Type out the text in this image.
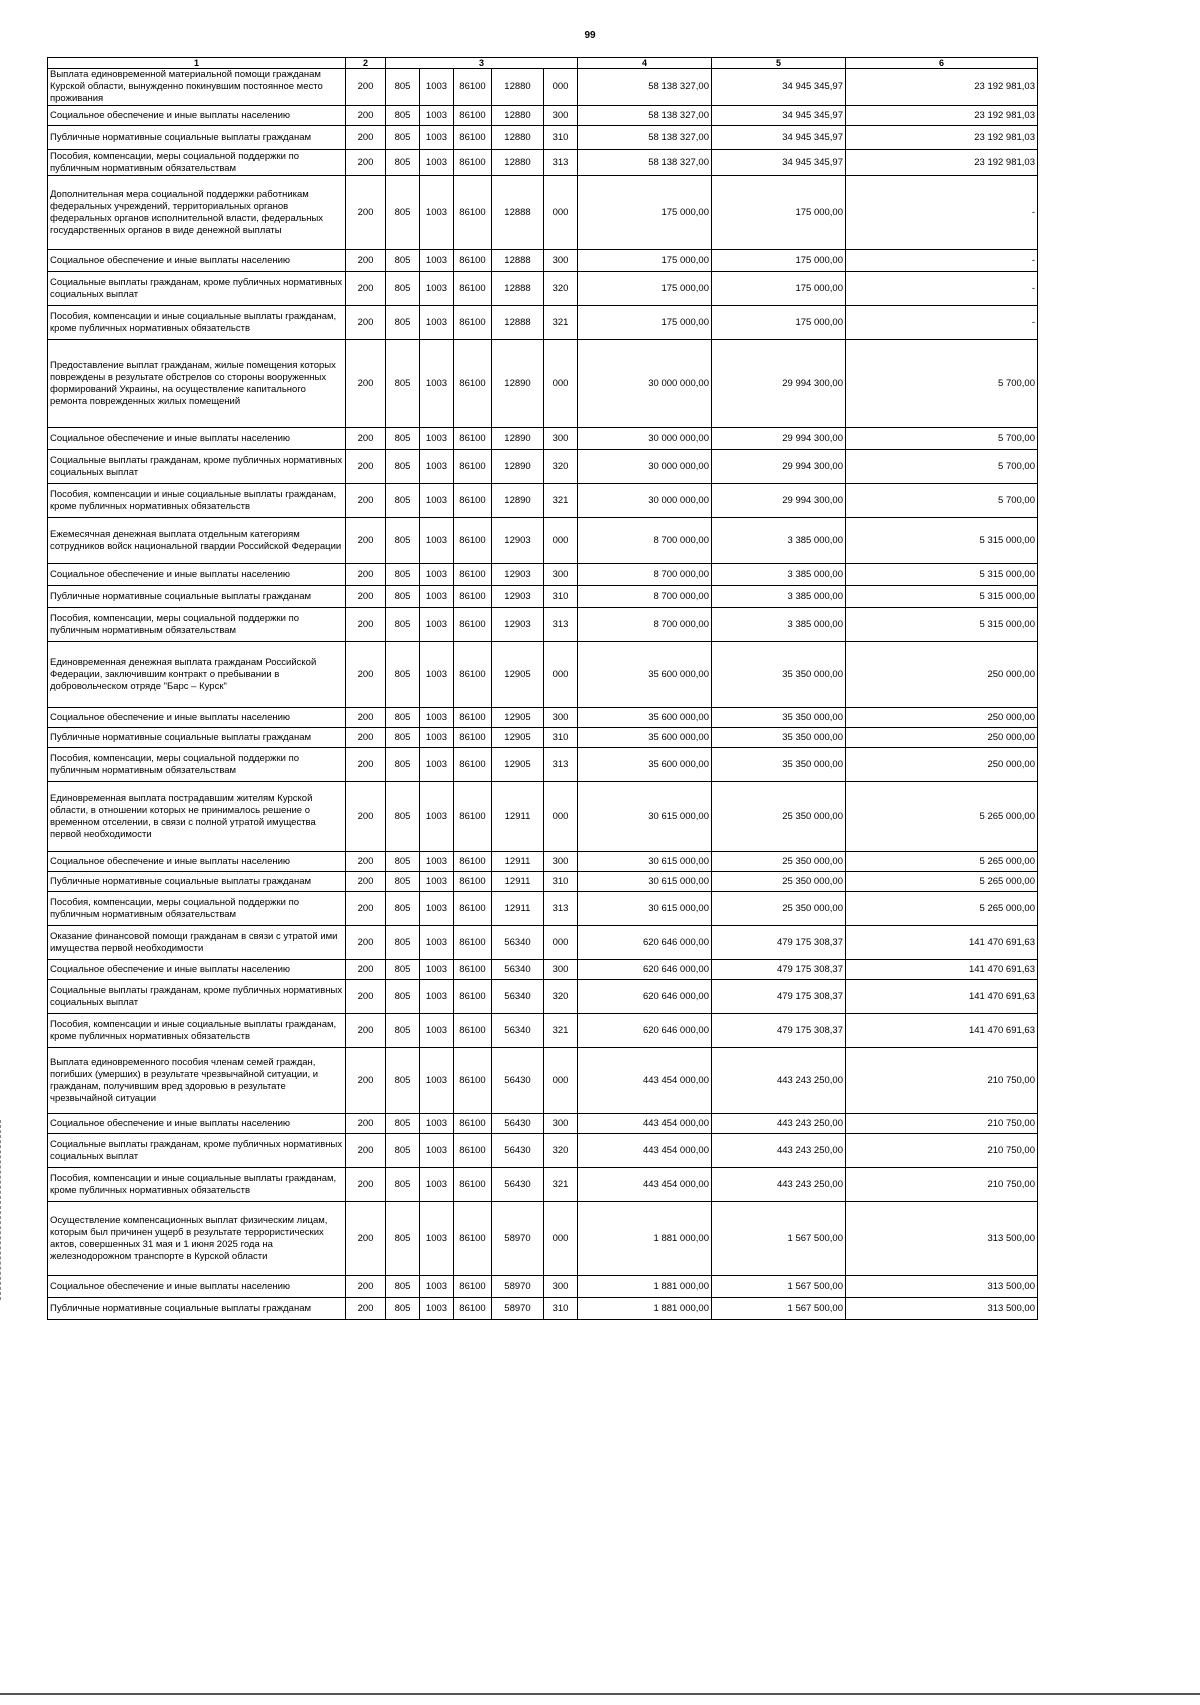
99
1	2	3					4	5	6
Выплата единовременной материальной помощи гражданам Курской области, вынужденно покинувшим постоянное место проживания	200	805	1003	86100	12880	000	58 138 327,00	34 945 345,97	23 192 981,03
Социальное обеспечение и иные выплаты населению	200	805	1003	86100	12880	300	58 138 327,00	34 945 345,97	23 192 981,03
Публичные нормативные социальные выплаты гражданам	200	805	1003	86100	12880	310	58 138 327,00	34 945 345,97	23 192 981,03
Пособия, компенсации, меры социальной поддержки по публичным нормативным обязательствам	200	805	1003	86100	12880	313	58 138 327,00	34 945 345,97	23 192 981,03
Дополнительная мера социальной поддержки работникам федеральных учреждений, территориальных органов федеральных органов исполнительной власти, федеральных государственных органов в виде денежной выплаты	200	805	1003	86100	12888	000	175 000,00	175 000,00	-
Социальное обеспечение и иные выплаты населению	200	805	1003	86100	12888	300	175 000,00	175 000,00	-
Социальные выплаты гражданам, кроме публичных нормативных социальных выплат	200	805	1003	86100	12888	320	175 000,00	175 000,00	-
Пособия, компенсации и иные социальные выплаты гражданам, кроме публичных нормативных обязательств	200	805	1003	86100	12888	321	175 000,00	175 000,00	-
Предоставление выплат гражданам, жилые помещения которых повреждены в результате обстрелов со стороны вооруженных формирований Украины, на осуществление капитального ремонта поврежденных жилых помещений	200	805	1003	86100	12890	000	30 000 000,00	29 994 300,00	5 700,00
Социальное обеспечение и иные выплаты населению	200	805	1003	86100	12890	300	30 000 000,00	29 994 300,00	5 700,00
Социальные выплаты гражданам, кроме публичных нормативных социальных выплат	200	805	1003	86100	12890	320	30 000 000,00	29 994 300,00	5 700,00
Пособия, компенсации и иные социальные выплаты гражданам, кроме публичных нормативных обязательств	200	805	1003	86100	12890	321	30 000 000,00	29 994 300,00	5 700,00
Ежемесячная денежная выплата отдельным категориям сотрудников войск национальной гвардии Российской Федерации	200	805	1003	86100	12903	000	8 700 000,00	3 385 000,00	5 315 000,00
Социальное обеспечение и иные выплаты населению	200	805	1003	86100	12903	300	8 700 000,00	3 385 000,00	5 315 000,00
Публичные нормативные социальные выплаты гражданам	200	805	1003	86100	12903	310	8 700 000,00	3 385 000,00	5 315 000,00
Пособия, компенсации, меры социальной поддержки по публичным нормативным обязательствам	200	805	1003	86100	12903	313	8 700 000,00	3 385 000,00	5 315 000,00
Единовременная денежная выплата гражданам Российской Федерации, заключившим контракт о пребывании в добровольческом отряде "Барс – Курск"	200	805	1003	86100	12905	000	35 600 000,00	35 350 000,00	250 000,00
Социальное обеспечение и иные выплаты населению	200	805	1003	86100	12905	300	35 600 000,00	35 350 000,00	250 000,00
Публичные нормативные социальные выплаты гражданам	200	805	1003	86100	12905	310	35 600 000,00	35 350 000,00	250 000,00
Пособия, компенсации, меры социальной поддержки по публичным нормативным обязательствам	200	805	1003	86100	12905	313	35 600 000,00	35 350 000,00	250 000,00
Единовременная выплата пострадавшим жителям Курской области, в отношении которых не принималось решение о временном отселении, в связи с полной утратой имущества первой необходимости	200	805	1003	86100	12911	000	30 615 000,00	25 350 000,00	5 265 000,00
Социальное обеспечение и иные выплаты населению	200	805	1003	86100	12911	300	30 615 000,00	25 350 000,00	5 265 000,00
Публичные нормативные социальные выплаты гражданам	200	805	1003	86100	12911	310	30 615 000,00	25 350 000,00	5 265 000,00
Пособия, компенсации, меры социальной поддержки по публичным нормативным обязательствам	200	805	1003	86100	12911	313	30 615 000,00	25 350 000,00	5 265 000,00
Оказание финансовой помощи гражданам в связи с утратой ими имущества первой необходимости	200	805	1003	86100	56340	000	620 646 000,00	479 175 308,37	141 470 691,63
Социальное обеспечение и иные выплаты населению	200	805	1003	86100	56340	300	620 646 000,00	479 175 308,37	141 470 691,63
Социальные выплаты гражданам, кроме публичных нормативных социальных выплат	200	805	1003	86100	56340	320	620 646 000,00	479 175 308,37	141 470 691,63
Пособия, компенсации и иные социальные выплаты гражданам, кроме публичных нормативных обязательств	200	805	1003	86100	56340	321	620 646 000,00	479 175 308,37	141 470 691,63
Выплата единовременного пособия членам семей граждан, погибших (умерших) в результате чрезвычайной ситуации, и гражданам, получившим вред здоровью в результате чрезвычайной ситуации	200	805	1003	86100	56430	000	443 454 000,00	443 243 250,00	210 750,00
Социальное обеспечение и иные выплаты населению	200	805	1003	86100	56430	300	443 454 000,00	443 243 250,00	210 750,00
Социальные выплаты гражданам, кроме публичных нормативных социальных выплат	200	805	1003	86100	56430	320	443 454 000,00	443 243 250,00	210 750,00
Пособия, компенсации и иные социальные выплаты гражданам, кроме публичных нормативных обязательств	200	805	1003	86100	56430	321	443 454 000,00	443 243 250,00	210 750,00
Осуществление компенсационных выплат физическим лицам, которым был причинен ущерб в результате террористических актов, совершенных 31 мая и 1 июня 2025 года на железнодорожном транспорте в Курской области	200	805	1003	86100	58970	000	1 881 000,00	1 567 500,00	313 500,00
Социальное обеспечение и иные выплаты населению	200	805	1003	86100	58970	300	1 881 000,00	1 567 500,00	313 500,00
Публичные нормативные социальные выплаты гражданам	200	805	1003	86100	58970	310	1 881 000,00	1 567 500,00	313 500,00
